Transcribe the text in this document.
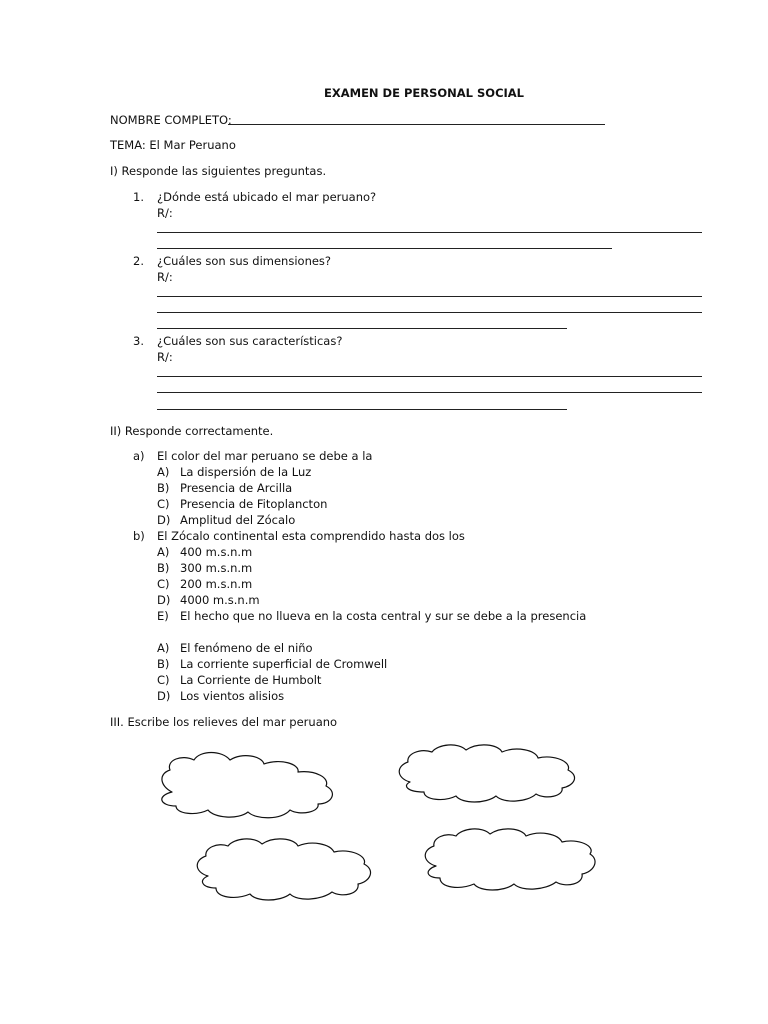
EXAMEN DE PERSONAL SOCIAL
NOMBRE COMPLETO:
TEMA: El Mar Peruano
I) Responde las siguientes preguntas.
1. ¿Dónde está ubicado el mar peruano?
R/:
2. ¿Cuáles son sus dimensiones?
R/:
3. ¿Cuáles son sus características?
R/:
II) Responde correctamente.
a) El color del mar peruano se debe a la
A) La dispersión de la Luz
B) Presencia de Arcilla
C) Presencia de Fitoplancton
D) Amplitud del Zócalo
b) El Zócalo continental esta comprendido hasta dos los
A) 400 m.s.n.m
B) 300 m.s.n.m
C) 200 m.s.n.m
D) 4000 m.s.n.m
E) El hecho que no llueva en la costa central y sur se debe a la presencia
A) El fenómeno de el niño
B) La corriente superficial de Cromwell
C) La Corriente de Humbolt
D) Los vientos alisios
III. Escribe los relieves del mar peruano
